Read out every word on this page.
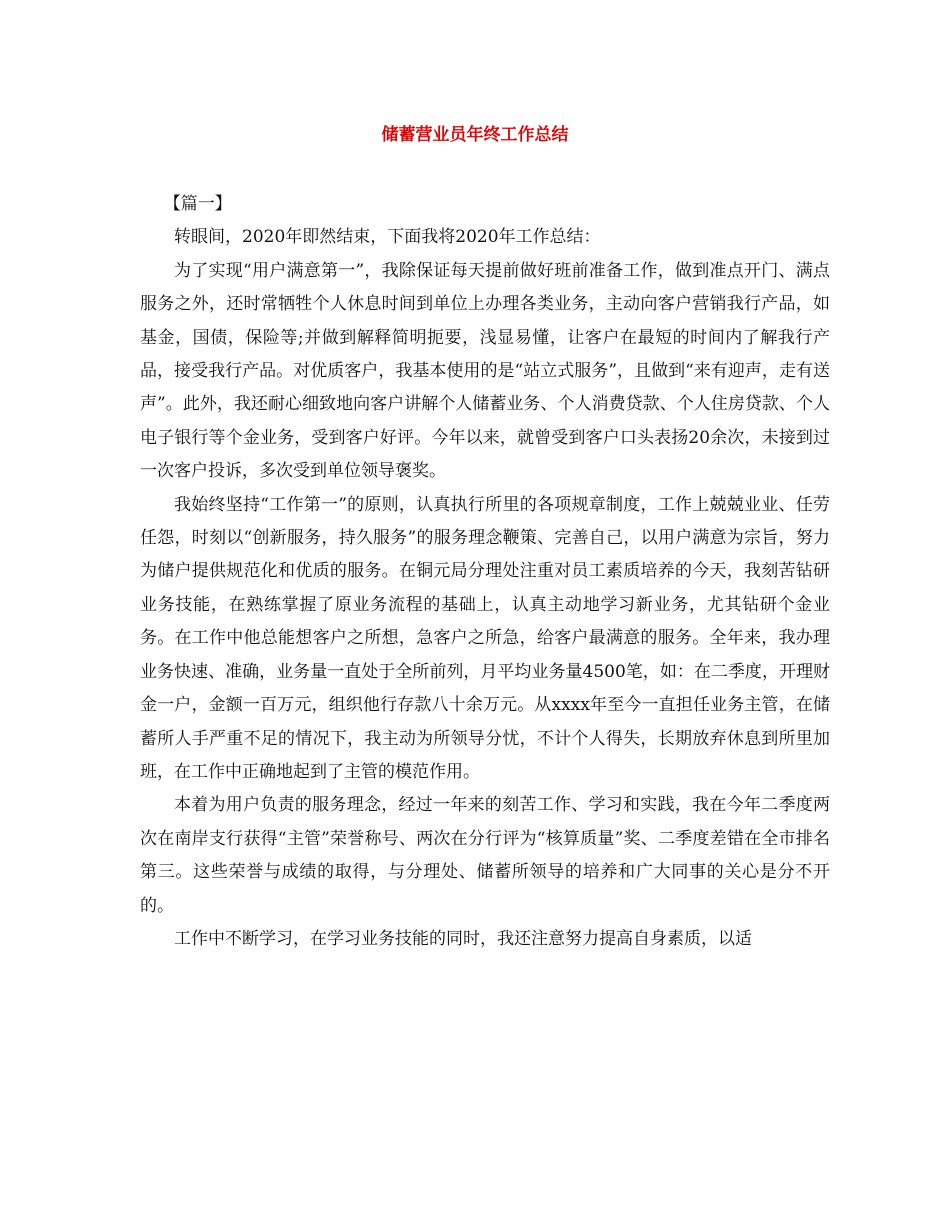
储蓄营业员年终工作总结

【篇一】

转眼间，2020年即然结束，下面我将2020年工作总结：

为了实现“用户满意第一”，我除保证每天提前做好班前准备工作，做到准点开门、满点服务之外，还时常牺牲个人休息时间到单位上办理各类业务，主动向客户营销我行产品，如基金，国债，保险等;并做到解释简明扼要，浅显易懂，让客户在最短的时间内了解我行产品，接受我行产品。对优质客户，我基本使用的是“站立式服务”，且做到“来有迎声，走有送声”。此外，我还耐心细致地向客户讲解个人储蓄业务、个人消费贷款、个人住房贷款、个人电子银行等个金业务，受到客户好评。今年以来，就曾受到客户口头表扬20余次，未接到过一次客户投诉，多次受到单位领导褒奖。

我始终坚持“工作第一”的原则，认真执行所里的各项规章制度，工作上兢兢业业、任劳任怨，时刻以“创新服务，持久服务”的服务理念鞭策、完善自己，以用户满意为宗旨，努力为储户提供规范化和优质的服务。在铜元局分理处注重对员工素质培养的今天，我刻苦钻研业务技能，在熟练掌握了原业务流程的基础上，认真主动地学习新业务，尤其钻研个金业务。在工作中他总能想客户之所想，急客户之所急，给客户最满意的服务。全年来，我办理业务快速、准确，业务量一直处于全所前列，月平均业务量4500笔，如：在二季度，开理财金一户，金额一百万元，组织他行存款八十余万元。从xxxx年至今一直担任业务主管，在储蓄所人手严重不足的情况下，我主动为所领导分忧，不计个人得失，长期放弃休息到所里加班，在工作中正确地起到了主管的模范作用。

本着为用户负责的服务理念，经过一年来的刻苦工作、学习和实践，我在今年二季度两次在南岸支行获得“主管”荣誉称号、两次在分行评为“核算质量”奖、二季度差错在全市排名第三。这些荣誉与成绩的取得，与分理处、储蓄所领导的培养和广大同事的关心是分不开的。

工作中不断学习，在学习业务技能的同时，我还注意努力提高自身素质，以适
